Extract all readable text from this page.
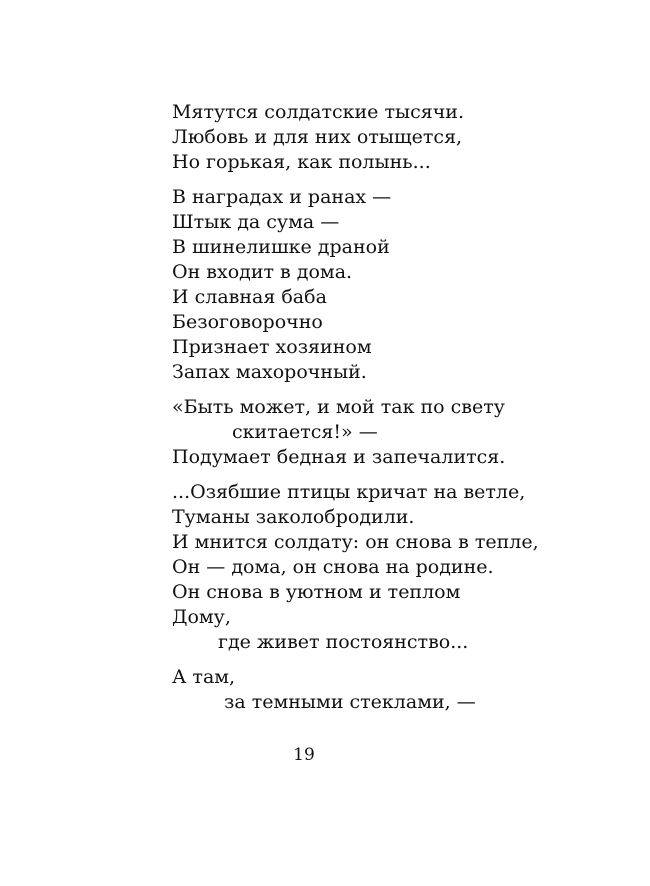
Мятутся солдатские тысячи.
Любовь и для них отыщется,
Но горькая, как полынь...
В наградах и ранах —
Штык да сума —
В шинелишке драной
Он входит в дома.
И славная баба
Безоговорочно
Признает хозяином
Запах махорочный.
«Быть может, и мой так по свету
скитается!» —
Подумает бедная и запечалится.
...Озябшие птицы кричат на ветле,
Туманы заколобродили.
И мнится солдату: он снова в тепле,
Он — дома, он снова на родине.
Он снова в уютном и теплом
Дому,
где живет постоянство...
А там,
за темными стеклами, —
19
